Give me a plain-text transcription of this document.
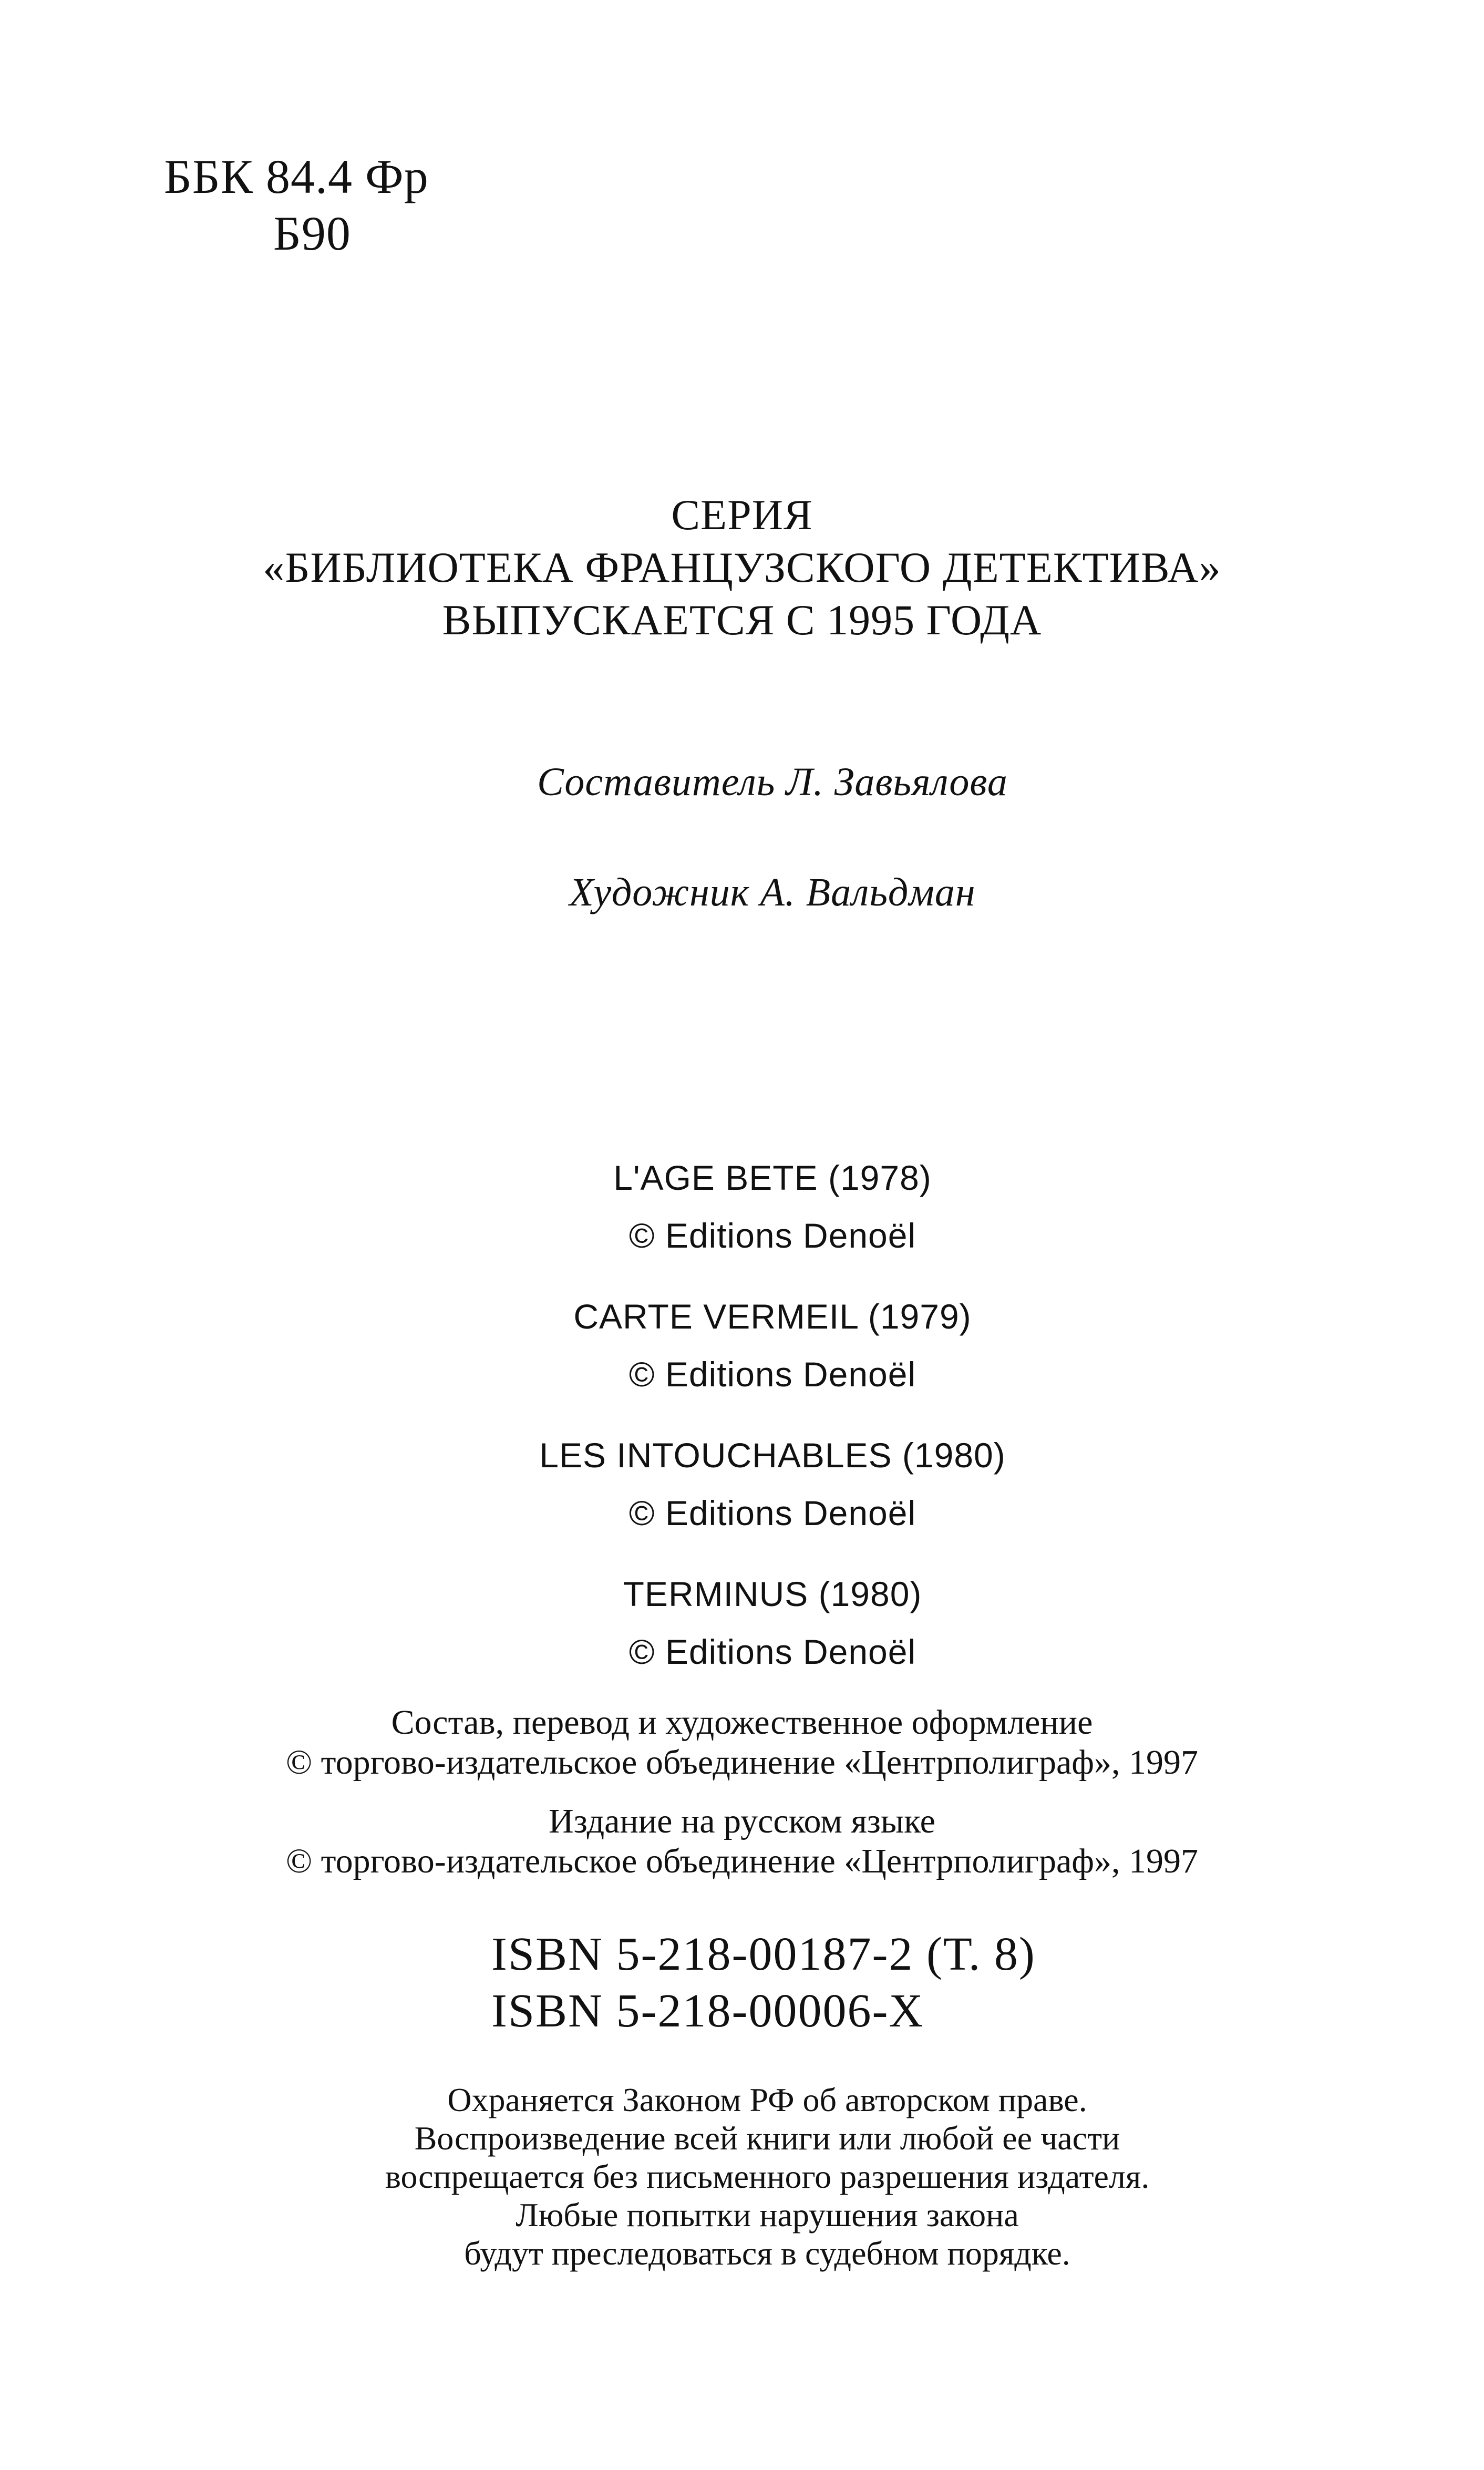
ББК 84.4 Фр
Б90
СЕРИЯ
«БИБЛИОТЕКА ФРАНЦУЗСКОГО ДЕТЕКТИВА»
ВЫПУСКАЕТСЯ С 1995 ГОДА
Составитель Л. Завьялова
Художник А. Вальдман
L'AGE BETE (1978)
© Editions Denoël
CARTE VERMEIL (1979)
© Editions Denoël
LES INTOUCHABLES (1980)
© Editions Denoël
TERMINUS (1980)
© Editions Denoël
Состав, перевод и художественное оформление
© торгово-издательское объединение «Центрполиграф», 1997
Издание на русском языке
© торгово-издательское объединение «Центрполиграф», 1997
ISBN 5-218-00187-2 (Т. 8)
ISBN 5-218-00006-Х
Охраняется Законом РФ об авторском праве.
Воспроизведение всей книги или любой ее части
воспрещается без письменного разрешения издателя.
Любые попытки нарушения закона
будут преследоваться в судебном порядке.
